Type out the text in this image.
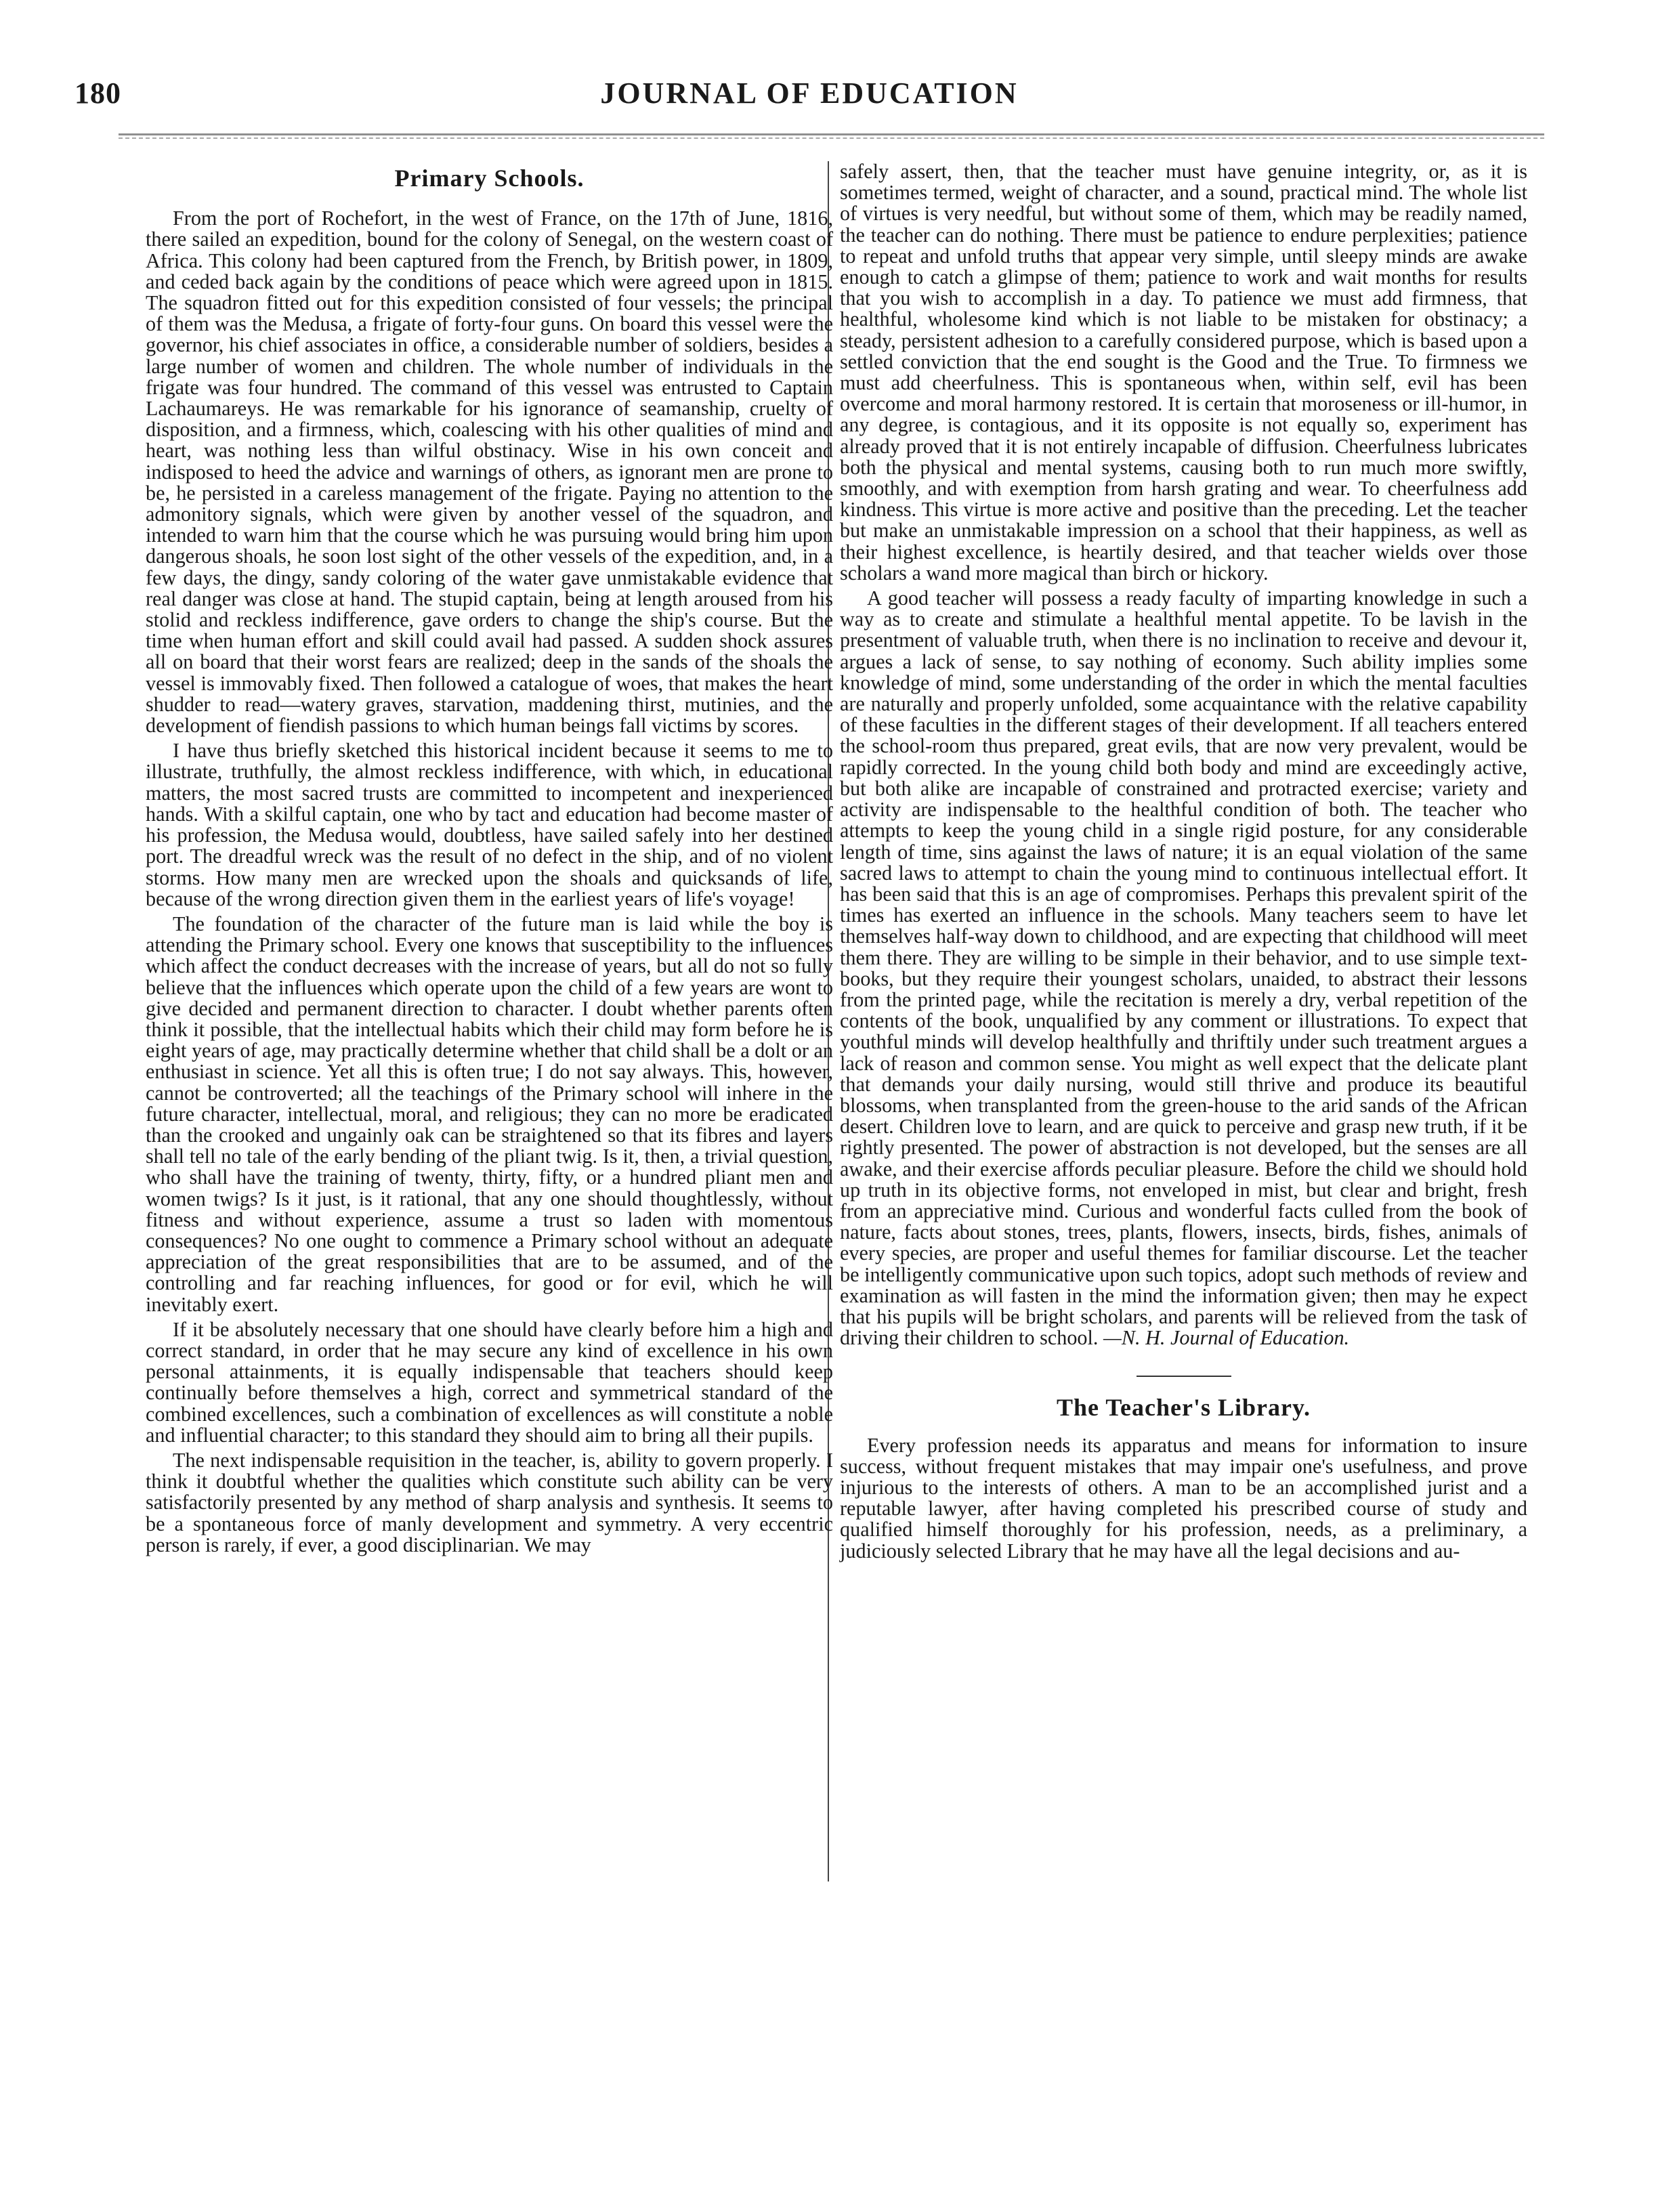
180	JOURNAL OF EDUCATION
Primary Schools.

From the port of Rochefort, in the west of France, on the 17th of June, 1816, there sailed an expedition, bound for the colony of Senegal, on the western coast of Africa. This colony had been captured from the French, by British power, in 1809, and ceded back again by the conditions of peace which were agreed upon in 1815. The squadron fitted out for this expedition consisted of four vessels; the principal of them was the Medusa, a frigate of forty-four guns. On board this vessel were the governor, his chief associates in office, a considerable number of soldiers, besides a large number of women and children. The whole number of individuals in the frigate was four hundred. The command of this vessel was entrusted to Captain Lachaumareys. He was remarkable for his ignorance of seamanship, cruelty of disposition, and a firmness, which, coalescing with his other qualities of mind and heart, was nothing less than wilful obstinacy. Wise in his own conceit and indisposed to heed the advice and warnings of others, as ignorant men are prone to be, he persisted in a careless management of the frigate. Paying no attention to the admonitory signals, which were given by another vessel of the squadron, and intended to warn him that the course which he was pursuing would bring him upon dangerous shoals, he soon lost sight of the other vessels of the expedition, and, in a few days, the dingy, sandy coloring of the water gave unmistakable evidence that real danger was close at hand. The stupid captain, being at length aroused from his stolid and reckless indifference, gave orders to change the ship's course. But the time when human effort and skill could avail had passed. A sudden shock assures all on board that their worst fears are realized; deep in the sands of the shoals the vessel is immovably fixed. Then followed a catalogue of woes, that makes the heart shudder to read—watery graves, starvation, maddening thirst, mutinies, and the development of fiendish passions to which human beings fall victims by scores.

I have thus briefly sketched this historical incident because it seems to me to illustrate, truthfully, the almost reckless indifference, with which, in educational matters, the most sacred trusts are committed to incompetent and inexperienced hands. With a skilful captain, one who by tact and education had become master of his profession, the Medusa would, doubtless, have sailed safely into her destined port. The dreadful wreck was the result of no defect in the ship, and of no violent storms. How many men are wrecked upon the shoals and quicksands of life, because of the wrong direction given them in the earliest years of life's voyage!

The foundation of the character of the future man is laid while the boy is attending the Primary school. Every one knows that susceptibility to the influences which affect the conduct decreases with the increase of years, but all do not so fully believe that the influences which operate upon the child of a few years are wont to give decided and permanent direction to character. I doubt whether parents often think it possible, that the intellectual habits which their child may form before he is eight years of age, may practically determine whether that child shall be a dolt or an enthusiast in science. Yet all this is often true; I do not say always. This, however, cannot be controverted; all the teachings of the Primary school will inhere in the future character, intellectual, moral, and religious; they can no more be eradicated than the crooked and ungainly oak can be straightened so that its fibres and layers shall tell no tale of the early bending of the pliant twig. Is it, then, a trivial question, who shall have the training of twenty, thirty, fifty, or a hundred pliant men and women twigs? Is it just, is it rational, that any one should thoughtlessly, without fitness and without experience, assume a trust so laden with momentous consequences? No one ought to commence a Primary school without an adequate appreciation of the great responsibilities that are to be assumed, and of the controlling and far reaching influences, for good or for evil, which he will inevitably exert.

If it be absolutely necessary that one should have clearly before him a high and correct standard, in order that he may secure any kind of excellence in his own personal attainments, it is equally indispensable that teachers should keep continually before themselves a high, correct and symmetrical standard of the combined excellences, such a combination of excellences as will constitute a noble and influential character; to this standard they should aim to bring all their pupils.

The next indispensable requisition in the teacher, is, ability to govern properly. I think it doubtful whether the qualities which constitute such ability can be very satisfactorily presented by any method of sharp analysis and synthesis. It seems to be a spontaneous force of manly development and symmetry. A very eccentric person is rarely, if ever, a good disciplinarian. We may

safely assert, then, that the teacher must have genuine integrity, or, as it is sometimes termed, weight of character, and a sound, practical mind. The whole list of virtues is very needful, but without some of them, which may be readily named, the teacher can do nothing. There must be patience to endure perplexities; patience to repeat and unfold truths that appear very simple, until sleepy minds are awake enough to catch a glimpse of them; patience to work and wait months for results that you wish to accomplish in a day. To patience we must add firmness, that healthful, wholesome kind which is not liable to be mistaken for obstinacy; a steady, persistent adhesion to a carefully considered purpose, which is based upon a settled conviction that the end sought is the Good and the True. To firmness we must add cheerfulness. This is spontaneous when, within self, evil has been overcome and moral harmony restored. It is certain that moroseness or ill-humor, in any degree, is contagious, and it its opposite is not equally so, experiment has already proved that it is not entirely incapable of diffusion. Cheerfulness lubricates both the physical and mental systems, causing both to run much more swiftly, smoothly, and with exemption from harsh grating and wear. To cheerfulness add kindness. This virtue is more active and positive than the preceding. Let the teacher but make an unmistakable impression on a school that their happiness, as well as their highest excellence, is heartily desired, and that teacher wields over those scholars a wand more magical than birch or hickory.

A good teacher will possess a ready faculty of imparting knowledge in such a way as to create and stimulate a healthful mental appetite. To be lavish in the presentment of valuable truth, when there is no inclination to receive and devour it, argues a lack of sense, to say nothing of economy. Such ability implies some knowledge of mind, some understanding of the order in which the mental faculties are naturally and properly unfolded, some acquaintance with the relative capability of these faculties in the different stages of their development. If all teachers entered the school-room thus prepared, great evils, that are now very prevalent, would be rapidly corrected. In the young child both body and mind are exceedingly active, but both alike are incapable of constrained and protracted exercise; variety and activity are indispensable to the healthful condition of both. The teacher who attempts to keep the young child in a single rigid posture, for any considerable length of time, sins against the laws of nature; it is an equal violation of the same sacred laws to attempt to chain the young mind to continuous intellectual effort. It has been said that this is an age of compromises. Perhaps this prevalent spirit of the times has exerted an influence in the schools. Many teachers seem to have let themselves half-way down to childhood, and are expecting that childhood will meet them there. They are willing to be simple in their behavior, and to use simple text-books, but they require their youngest scholars, unaided, to abstract their lessons from the printed page, while the recitation is merely a dry, verbal repetition of the contents of the book, unqualified by any comment or illustrations. To expect that youthful minds will develop healthfully and thriftily under such treatment argues a lack of reason and common sense. You might as well expect that the delicate plant that demands your daily nursing, would still thrive and produce its beautiful blossoms, when transplanted from the green-house to the arid sands of the African desert. Children love to learn, and are quick to perceive and grasp new truth, if it be rightly presented. The power of abstraction is not developed, but the senses are all awake, and their exercise affords peculiar pleasure. Before the child we should hold up truth in its objective forms, not enveloped in mist, but clear and bright, fresh from an appreciative mind. Curious and wonderful facts culled from the book of nature, facts about stones, trees, plants, flowers, insects, birds, fishes, animals of every species, are proper and useful themes for familiar discourse. Let the teacher be intelligently communicative upon such topics, adopt such methods of review and examination as will fasten in the mind the information given; then may he expect that his pupils will be bright scholars, and parents will be relieved from the task of driving their children to school. —N. H. Journal of Education.

The Teacher's Library.

Every profession needs its apparatus and means for information to insure success, without frequent mistakes that may impair one's usefulness, and prove injurious to the interests of others. A man to be an accomplished jurist and a reputable lawyer, after having completed his prescribed course of study and qualified himself thoroughly for his profession, needs, as a preliminary, a judiciously selected Library that he may have all the legal decisions and au-
